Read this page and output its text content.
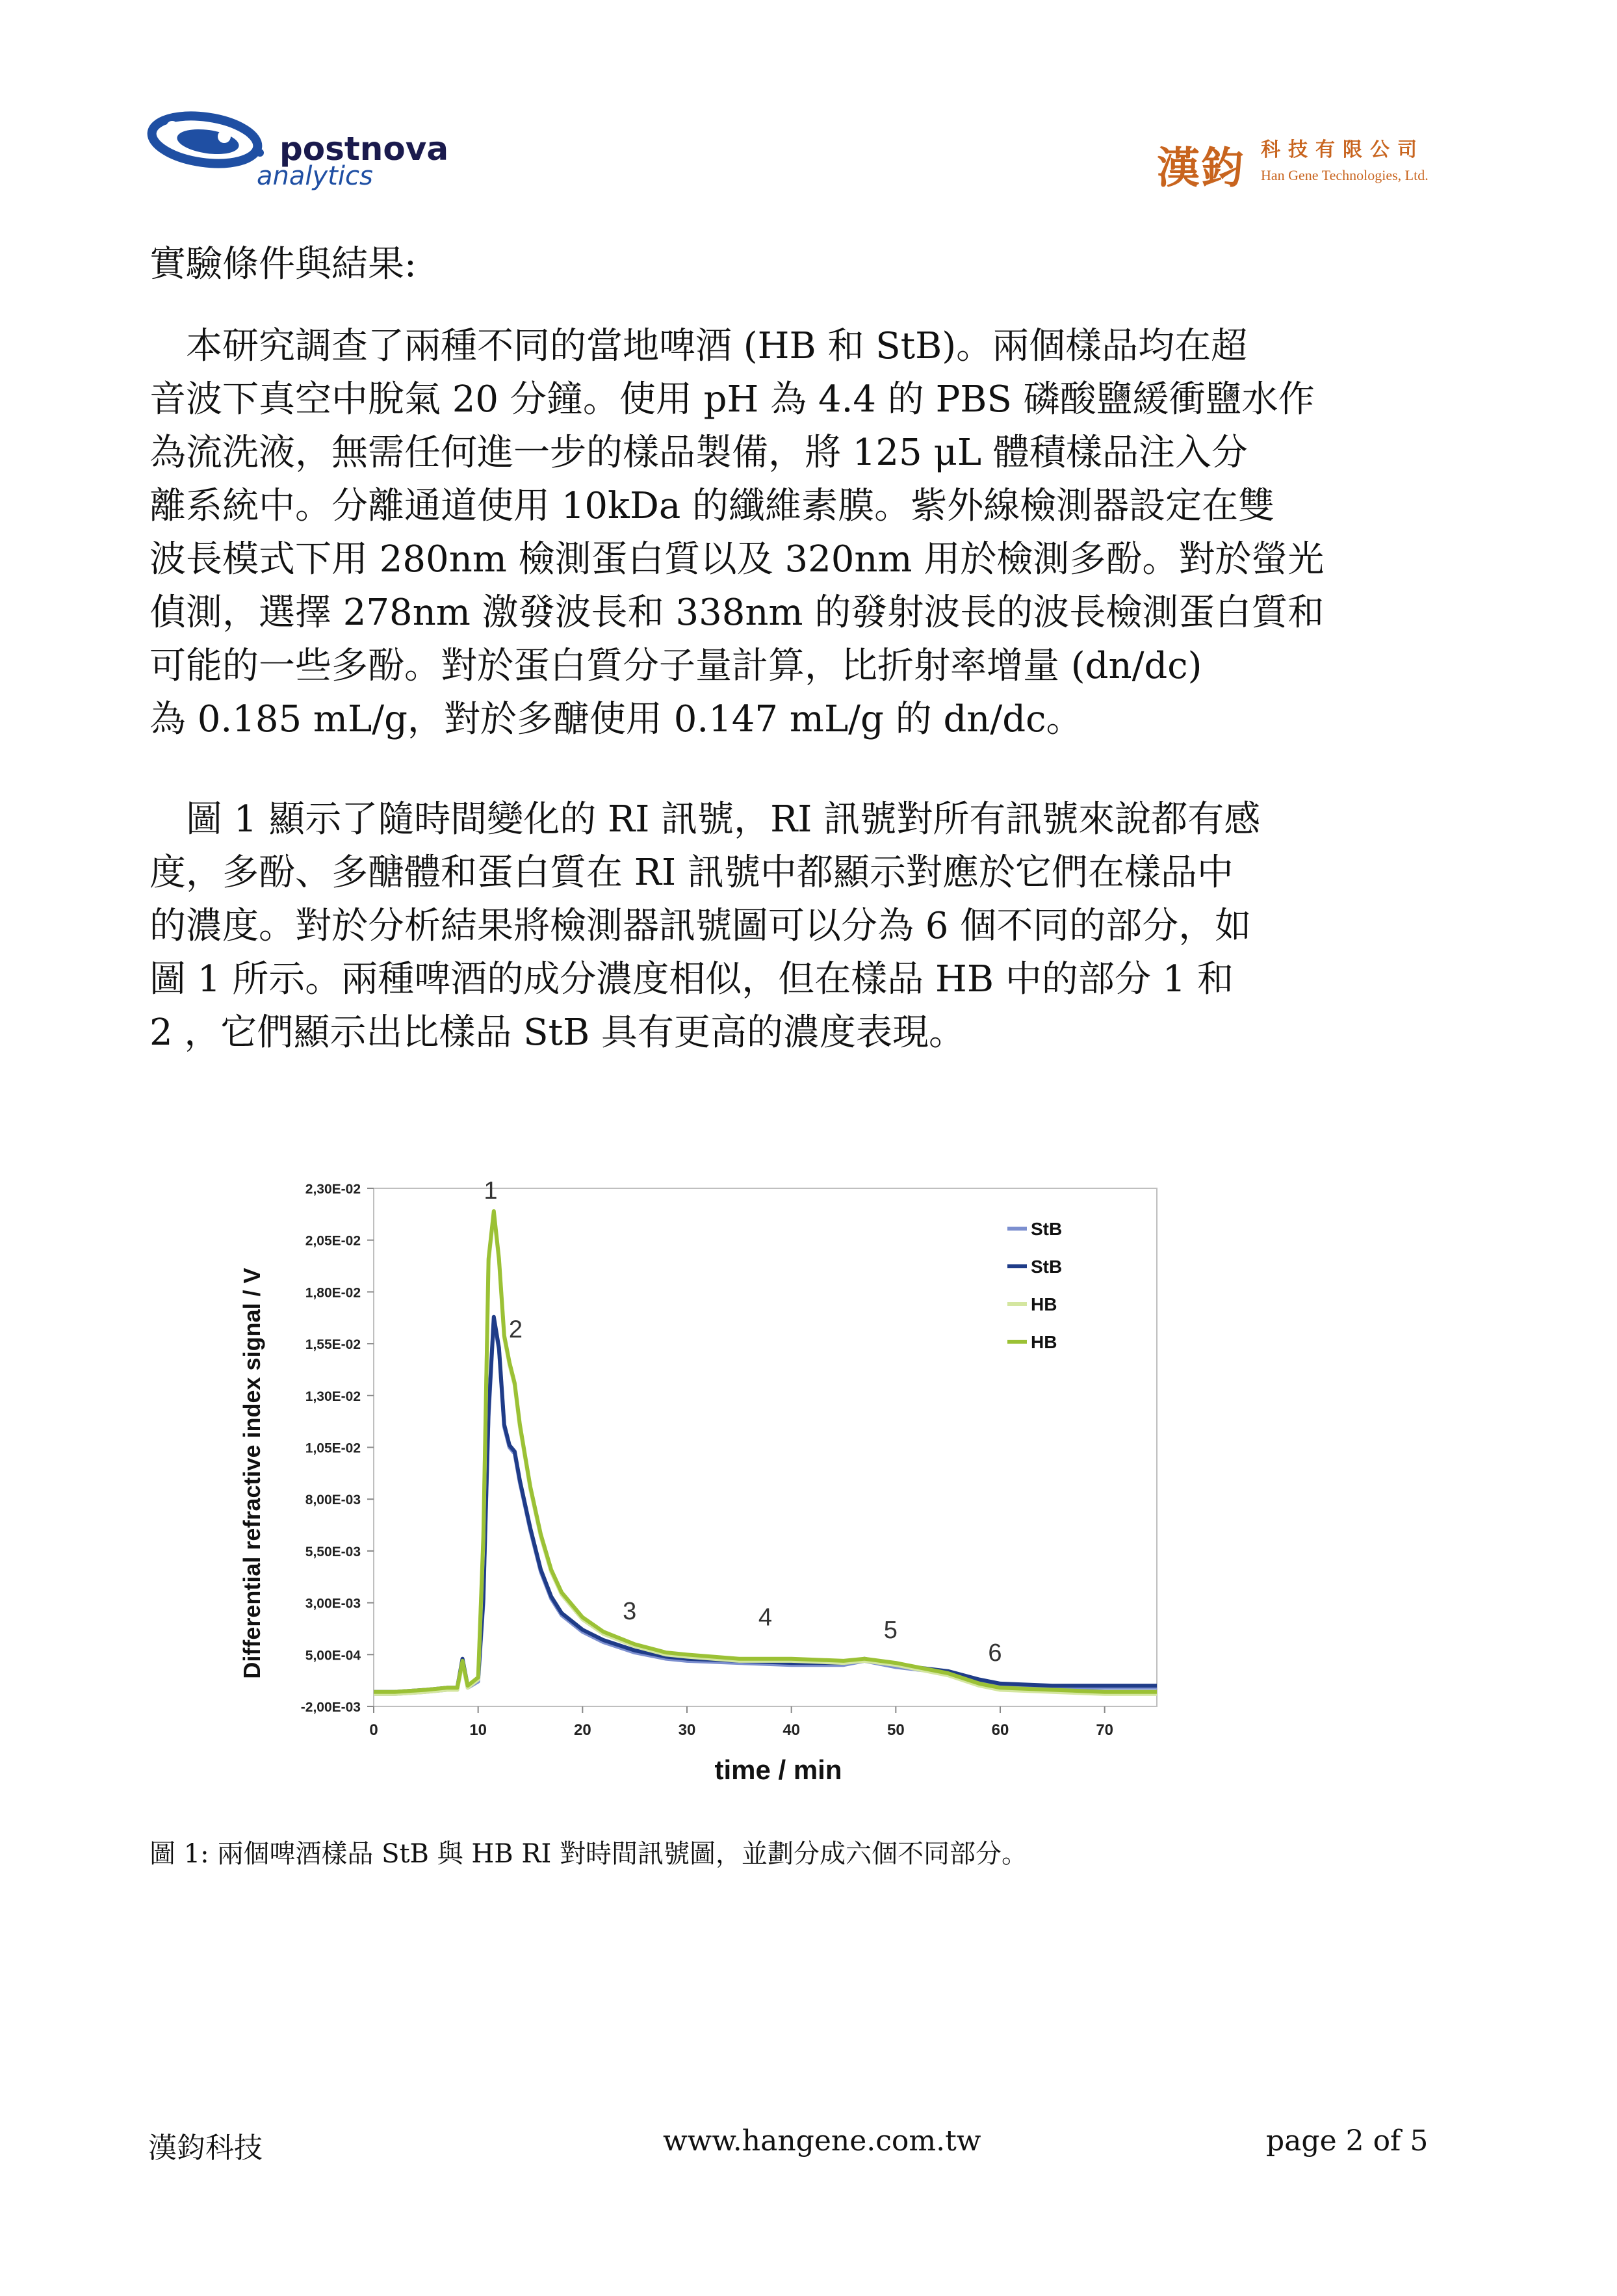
postnova
analytics	漢鈞 科技有限公司
Han Gene Technologies, Ltd.
實驗條件與結果:
　本研究調查了兩種不同的當地啤酒 (HB 和 StB)。兩個樣品均在超
音波下真空中脫氣 20 分鐘。使用 pH 為 4.4 的 PBS 磷酸鹽緩衝鹽水作
為流洗液，無需任何進一步的樣品製備，將 125 μL 體積樣品注入分
離系統中。分離通道使用 10kDa 的纖維素膜。紫外線檢測器設定在雙
波長模式下用 280nm 檢測蛋白質以及 320nm 用於檢測多酚。對於螢光
偵測，選擇 278nm 激發波長和 338nm 的發射波長的波長檢測蛋白質和
可能的一些多酚。對於蛋白質分子量計算，比折射率增量 (dn/dc)
為 0.185 mL/g，對於多醣使用 0.147 mL/g 的 dn/dc。
　圖 1 顯示了隨時間變化的 RI 訊號，RI 訊號對所有訊號來說都有感
度，多酚、多醣體和蛋白質在 RI 訊號中都顯示對應於它們在樣品中
的濃度。對於分析結果將檢測器訊號圖可以分為 6 個不同的部分，如
圖 1 所示。兩種啤酒的成分濃度相似，但在樣品 HB 中的部分 1 和
2 ，它們顯示出比樣品 StB 具有更高的濃度表現。
-2,00E-03
5,00E-04
3,00E-03
5,50E-03
8,00E-03
1,05E-02
1,30E-02
1,55E-02
1,80E-02
2,05E-02
2,30E-02
0	10	20	30	40	50	60	70
time / min
Differential refractive index signal / V
1
2
3	4	5
6
StB
StB
HB
HB
圖 1: 兩個啤酒樣品 StB 與 HB RI 對時間訊號圖，並劃分成六個不同部分。
漢鈞科技	www.hangene.com.tw	page 2 of 5
